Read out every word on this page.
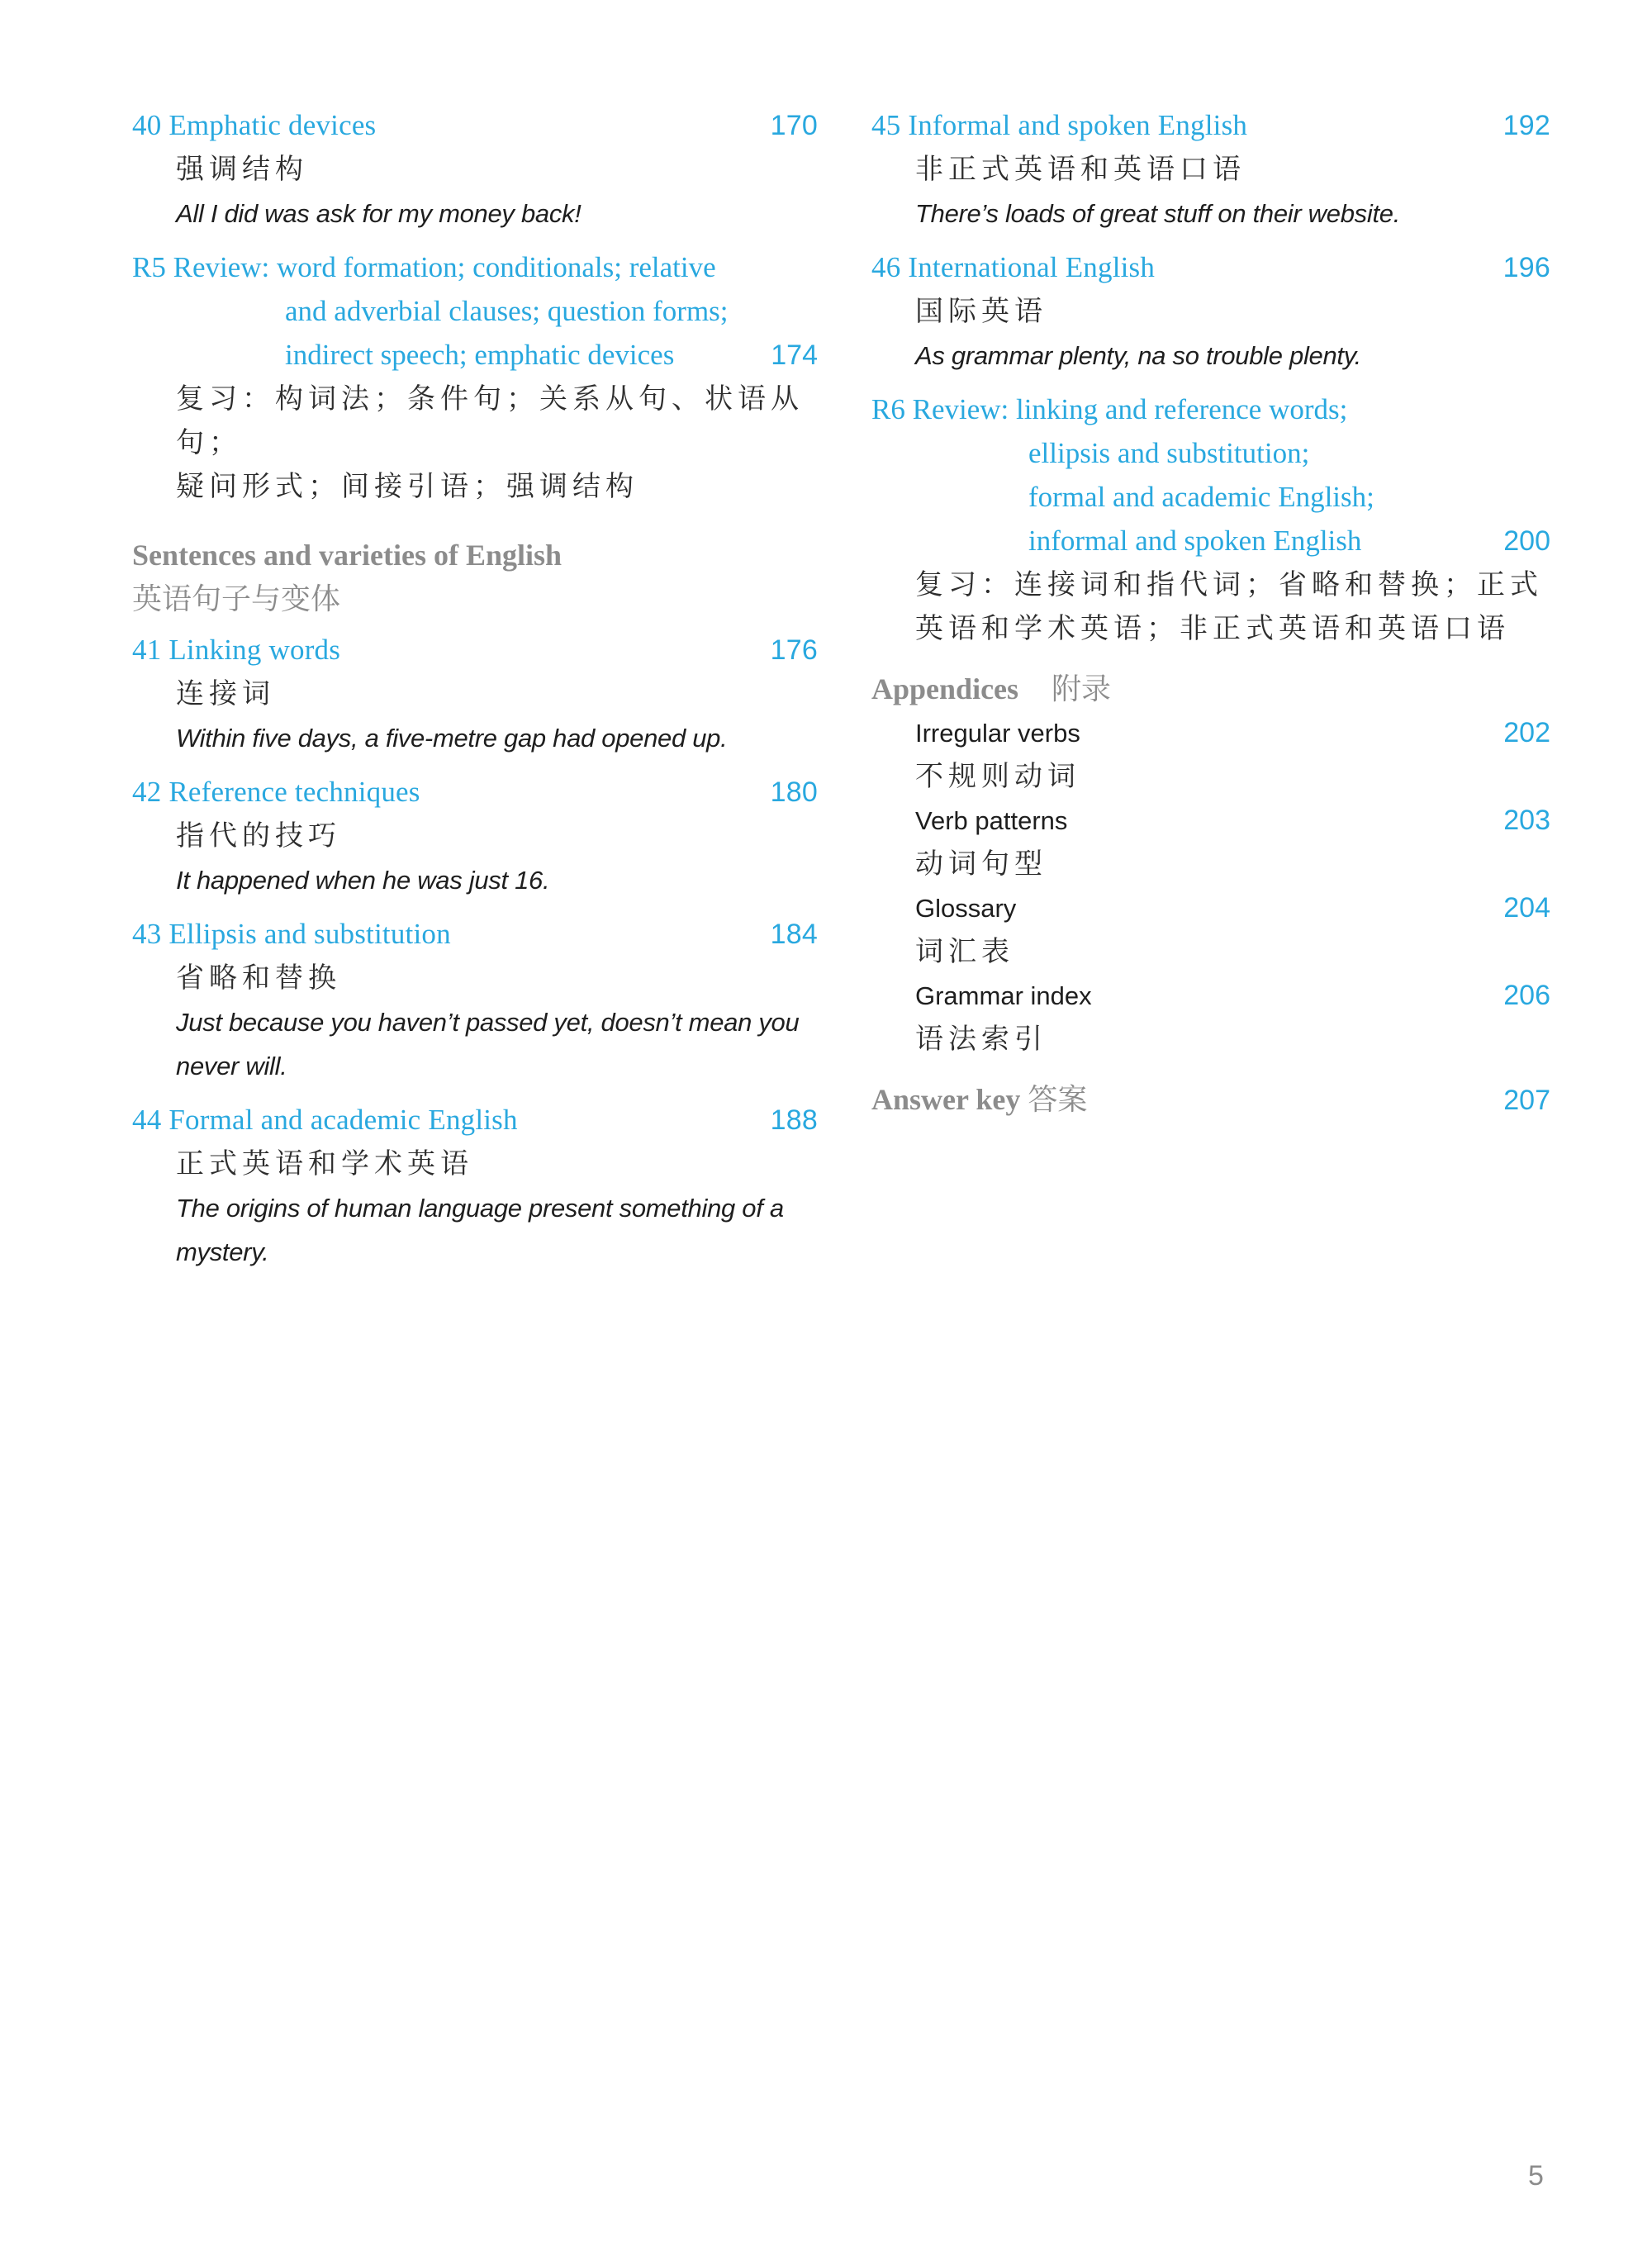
40 Emphatic devices	170
强调结构
All I did was ask for my money back!
R5 Review: word formation; conditionals; relative
and adverbial clauses; question forms;
indirect speech; emphatic devices	174
复习：构词法；条件句；关系从句、状语从句；
疑问形式；间接引语；强调结构
Sentences and varieties of English
英语句子与变体
41 Linking words	176
连接词
Within five days, a five-metre gap had opened up.
42 Reference techniques	180
指代的技巧
It happened when he was just 16.
43 Ellipsis and substitution	184
省略和替换
Just because you haven’t passed yet, doesn’t mean you never will.
44 Formal and academic English	188
正式英语和学术英语
The origins of human language present something of a mystery.
45 Informal and spoken English	192
非正式英语和英语口语
There’s loads of great stuff on their website.
46 International English	196
国际英语
As grammar plenty, na so trouble plenty.
R6 Review: linking and reference words;
ellipsis and substitution;
formal and academic English;
informal and spoken English	200
复习：连接词和指代词；省略和替换；正式
英语和学术英语；非正式英语和英语口语
Appendices 附录
Irregular verbs	202
不规则动词
Verb patterns	203
动词句型
Glossary	204
词汇表
Grammar index	206
语法索引
Answer key 答案	207
5
